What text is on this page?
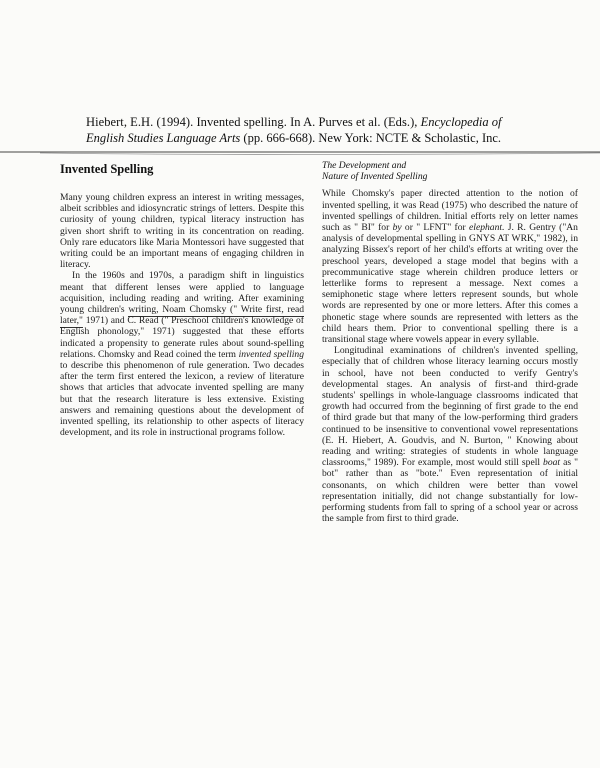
Hiebert, E.H. (1994). Invented spelling. In A. Purves et al. (Eds.), Encyclopedia of
English Studies Language Arts (pp. 666-668). New York: NCTE & Scholastic, Inc.
Invented Spelling

Many young children express an interest in writing messages, albeit scribbles and idiosyncratic strings of letters. Despite this curiosity of young children, typical literacy instruction has given short shrift to writing in its concentration on reading. Only rare educators like Maria Montessori have suggested that writing could be an important means of engaging children in literacy.

In the 1960s and 1970s, a paradigm shift in linguistics meant that different lenses were applied to language acquisition, including reading and writing. After examining young children's writing, Noam Chomsky (" Write first, read later," 1971) and C. Read (" Preschool children's knowledge of English phonology," 1971) suggested that these efforts indicated a propensity to generate rules about sound-spelling relations. Chomsky and Read coined the term invented spelling to describe this phenomenon of rule generation. Two decades after the term first entered the lexicon, a review of literature shows that articles that advocate invented spelling are many but that the research literature is less extensive. Existing answers and remaining questions about the development of invented spelling, its relationship to other aspects of literacy development, and its role in instructional programs follow.

The Development and
Nature of Invented Spelling

While Chomsky's paper directed attention to the notion of invented spelling, it was Read (1975) who described the nature of invented spellings of children. Initial efforts rely on letter names such as " BI" for by or " LFNT" for elephant. J. R. Gentry ("An analysis of developmental spelling in GNYS AT WRK," 1982), in analyzing Bissex's report of her child's efforts at writing over the preschool years, developed a stage model that begins with a precommunicative stage wherein children produce letters or letterlike forms to represent a message. Next comes a semiphonetic stage where letters represent sounds, but whole words are represented by one or more letters. After this comes a phonetic stage where sounds are represented with letters as the child hears them. Prior to conventional spelling there is a transitional stage where vowels appear in every syllable.

Longitudinal examinations of children's invented spelling, especially that of children whose literacy learning occurs mostly in school, have not been conducted to verify Gentry's developmental stages. An analysis of first-and third-grade students' spellings in whole-language classrooms indicated that growth had occurred from the beginning of first grade to the end of third grade but that many of the low-performing third graders continued to be insensitive to conventional vowel representations (E. H. Hiebert, A. Goudvis, and N. Burton, " Knowing about reading and writing: strategies of students in whole language classrooms," 1989). For example, most would still spell boat as " bot" rather than as "bote." Even representation of initial consonants, on which children were better than vowel representation initially, did not change substantially for low-performing students from fall to spring of a school year or across the sample from first to third grade.
